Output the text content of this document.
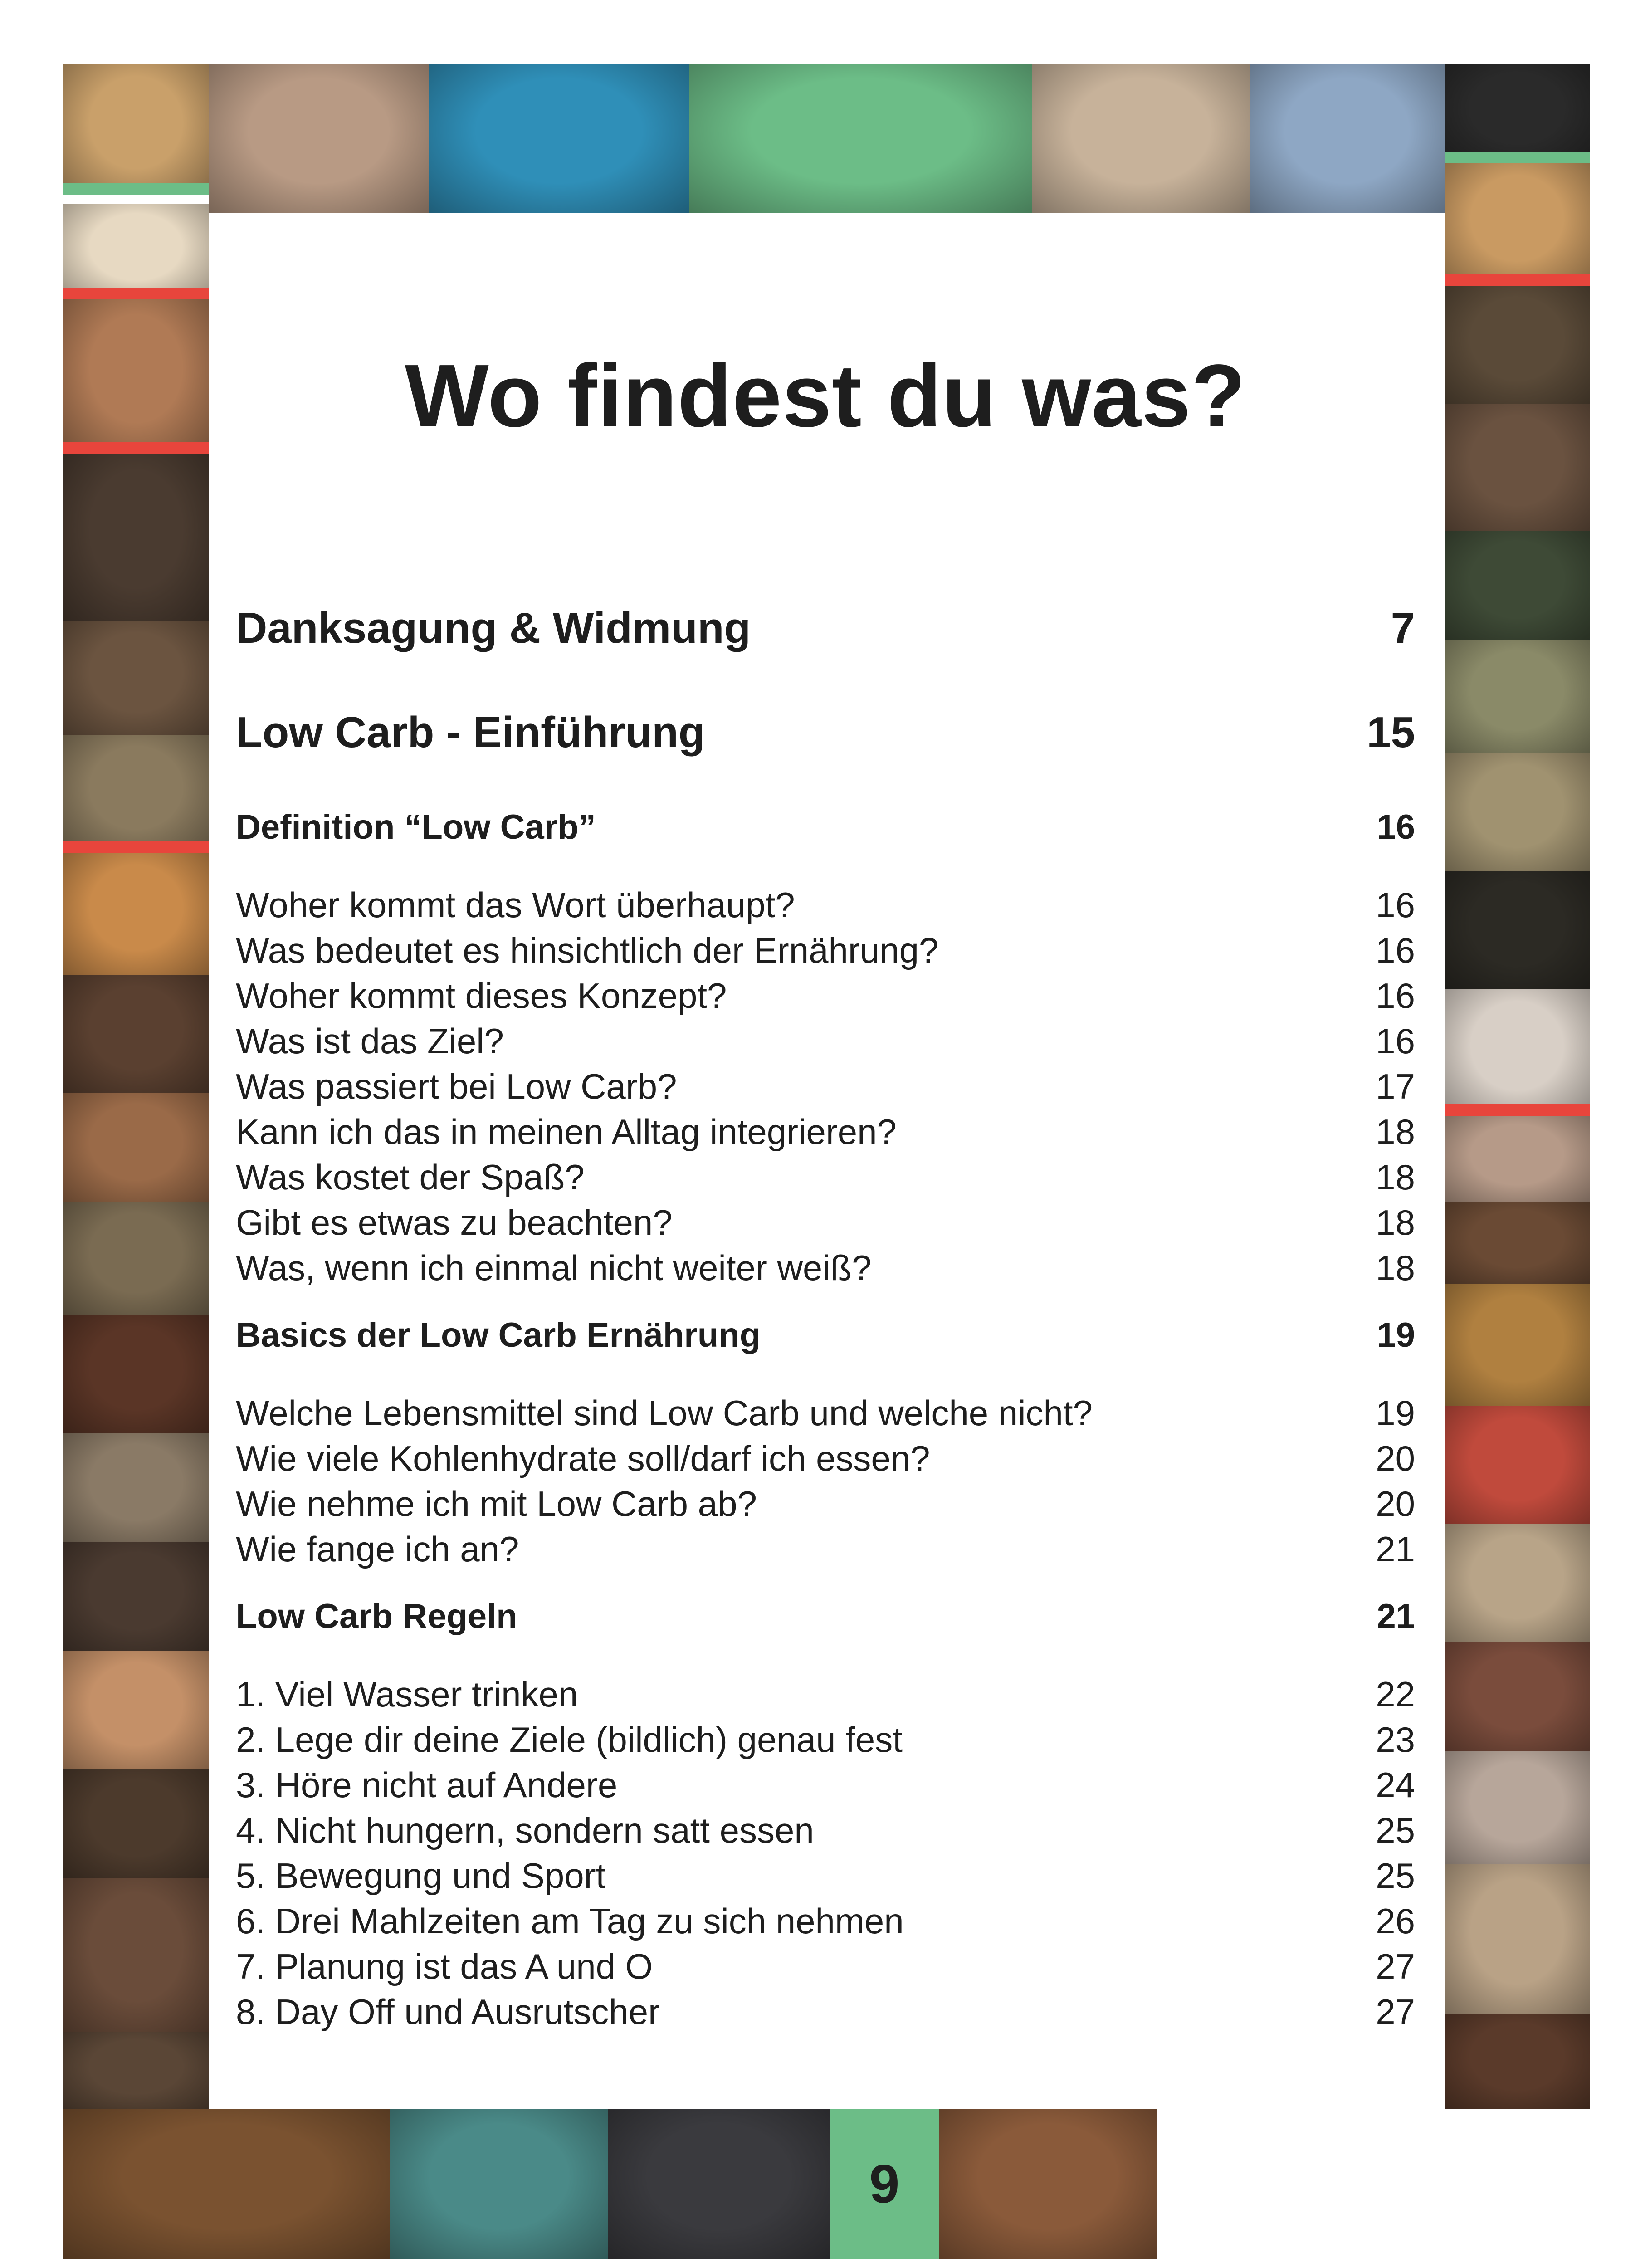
Wo findest du was?
Danksagung & Widmung	7
Low Carb - Einführung	15
Definition “Low Carb”	16
Woher kommt das Wort überhaupt?	16
Was bedeutet es hinsichtlich der Ernährung?	16
Woher kommt dieses Konzept?	16
Was ist das Ziel?	16
Was passiert bei Low Carb?	17
Kann ich das in meinen Alltag integrieren?	18
Was kostet der Spaß?	18
Gibt es etwas zu beachten?	18
Was, wenn ich einmal nicht weiter weiß?	18
Basics der Low Carb Ernährung	19
Welche Lebensmittel sind Low Carb und welche nicht?	19
Wie viele Kohlenhydrate soll/darf ich essen?	20
Wie nehme ich mit Low Carb ab?	20
Wie fange ich an?	21
Low Carb Regeln	21
1. Viel Wasser trinken	22
2. Lege dir deine Ziele (bildlich) genau fest	23
3. Höre nicht auf Andere	24
4. Nicht hungern, sondern satt essen	25
5. Bewegung und Sport	25
6. Drei Mahlzeiten am Tag zu sich nehmen	26
7. Planung ist das A und O	27
8. Day Off und Ausrutscher	27
9
